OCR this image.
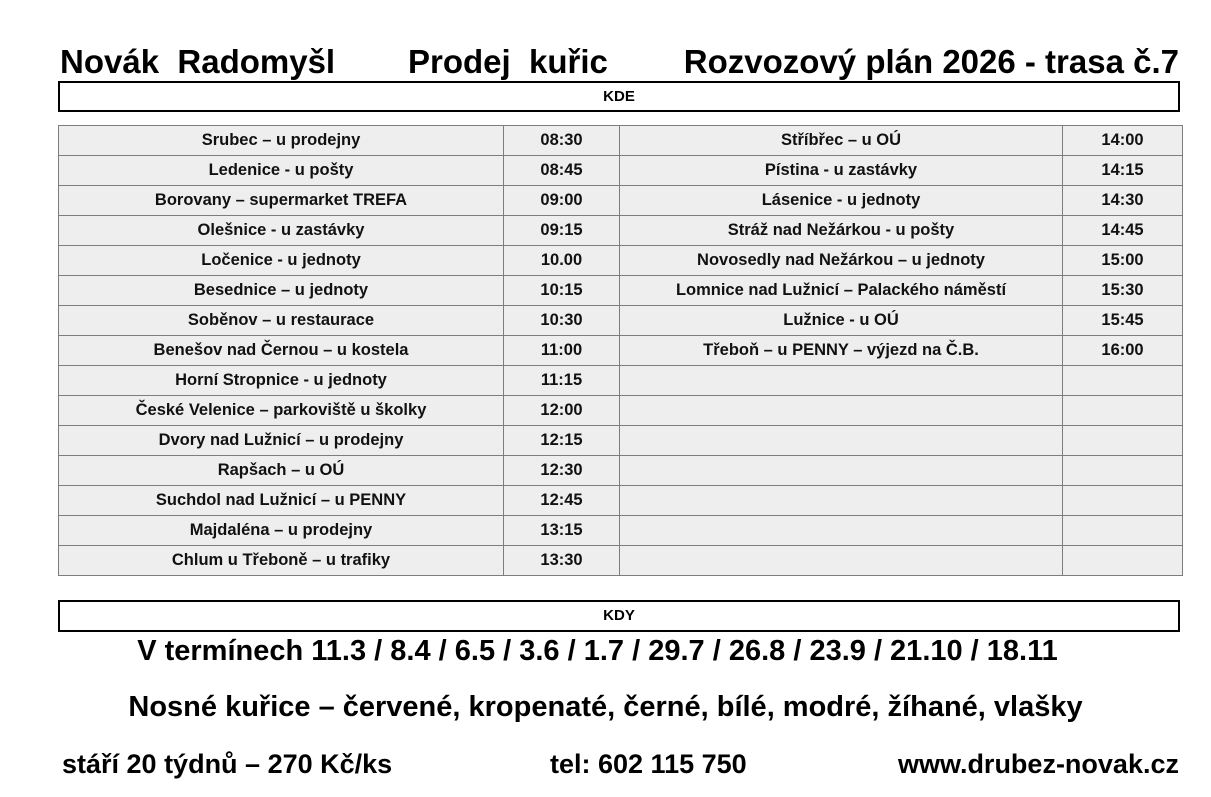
Novák  Radomyšl Prodej  kuřic Rozvozový plán 2026 - trasa č.7
KDE
Srubec – u prodejny	08:30	Stříbřec – u OÚ	14:00
Ledenice - u pošty	08:45	Pístina - u zastávky	14:15
Borovany – supermarket TREFA	09:00	Lásenice - u jednoty	14:30
Olešnice - u zastávky	09:15	Stráž nad Nežárkou - u pošty	14:45
Ločenice - u jednoty	10.00	Novosedly nad Nežárkou – u jednoty	15:00
Besednice – u jednoty	10:15	Lomnice nad Lužnicí – Palackého náměstí	15:30
Soběnov – u restaurace	10:30	Lužnice - u OÚ	15:45
Benešov nad Černou – u kostela	11:00	Třeboň – u PENNY – výjezd na Č.B.	16:00
Horní Stropnice - u jednoty	11:15		
České Velenice – parkoviště u školky	12:00		
Dvory nad Lužnicí – u prodejny	12:15		
Rapšach – u OÚ	12:30		
Suchdol nad Lužnicí – u PENNY	12:45		
Majdaléna – u prodejny	13:15		
Chlum u Třeboně – u trafiky	13:30		
KDY
V termínech 11.3 / 8.4 / 6.5 / 3.6 / 1.7 / 29.7 / 26.8 / 23.9 / 21.10 / 18.11
Nosné kuřice – červené, kropenaté, černé, bílé, modré, žíhané, vlašky
stáří 20 týdnů – 270 Kč/ks	tel: 602 115 750	www.drubez-novak.cz
